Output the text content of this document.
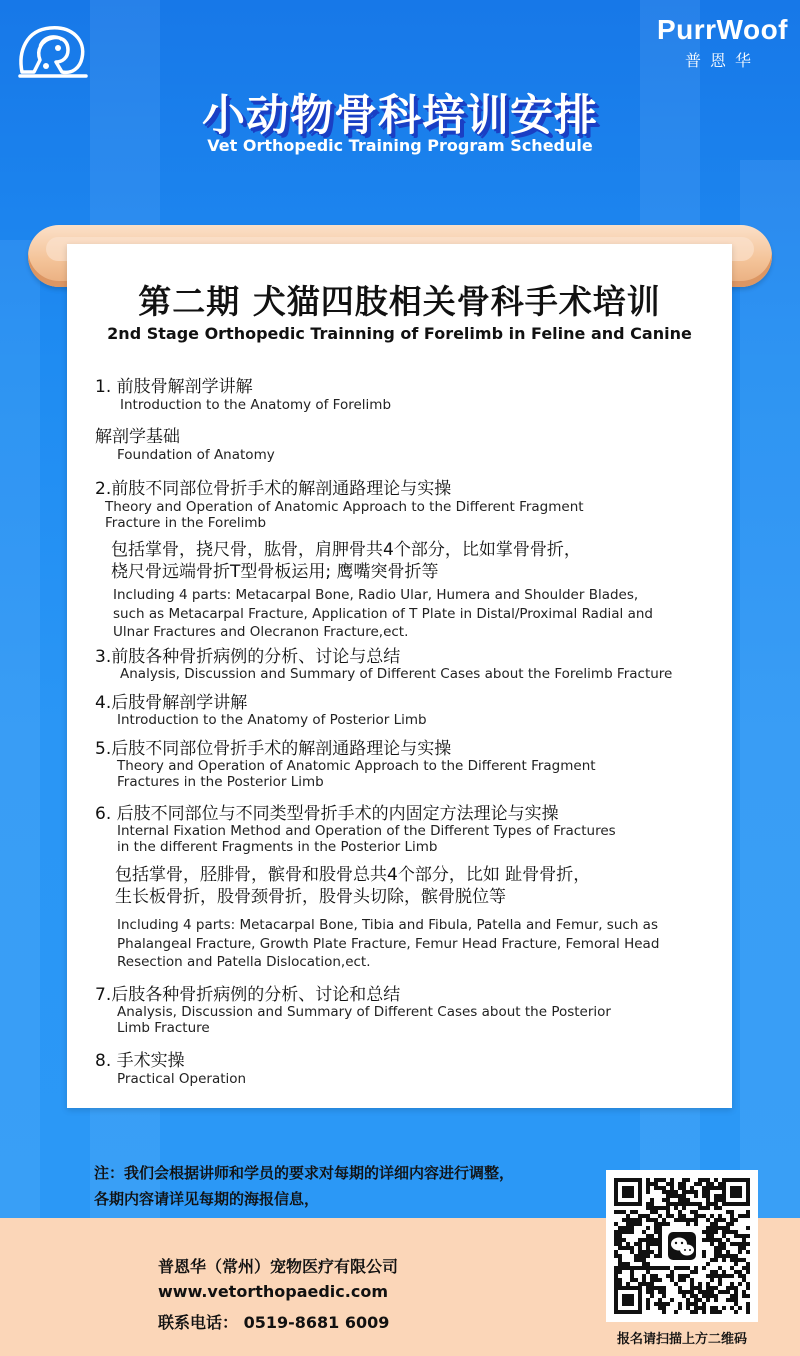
PurrWoof
普恩华
小动物骨科培训安排
Vet Orthopedic Training Program Schedule
第二期 犬猫四肢相关骨科手术培训
2nd Stage Orthopedic Trainning of Forelimb in Feline and Canine
1. 前肢骨解剖学讲解
Introduction to the Anatomy of Forelimb
解剖学基础
Foundation of Anatomy
2.前肢不同部位骨折手术的解剖通路理论与实操
Theory and Operation of Anatomic Approach to the Different Fragment
Fracture in the Forelimb
包括掌骨，挠尺骨，肱骨，肩胛骨共4个部分，比如掌骨骨折，
桡尺骨远端骨折T型骨板运用; 鹰嘴突骨折等
Including 4 parts: Metacarpal Bone, Radio Ular, Humera and Shoulder Blades,
such as Metacarpal Fracture, Application of T Plate in Distal/Proximal Radial and
Ulnar Fractures and Olecranon Fracture,ect.
3.前肢各种骨折病例的分析、讨论与总结
Analysis, Discussion and Summary of Different Cases about the Forelimb Fracture
4.后肢骨解剖学讲解
Introduction to the Anatomy of Posterior Limb
5.后肢不同部位骨折手术的解剖通路理论与实操
Theory and Operation of Anatomic Approach to the Different Fragment
Fractures in the Posterior Limb
6. 后肢不同部位与不同类型骨折手术的内固定方法理论与实操
Internal Fixation Method and Operation of the Different Types of Fractures
in the different Fragments in the Posterior Limb
包括掌骨，胫腓骨，髌骨和股骨总共4个部分，比如 趾骨骨折，
生长板骨折，股骨颈骨折，股骨头切除，髌骨脱位等
Including 4 parts: Metacarpal Bone, Tibia and Fibula, Patella and Femur, such as
Phalangeal Fracture, Growth Plate Fracture, Femur Head Fracture, Femoral Head
Resection and Patella Dislocation,ect.
7.后肢各种骨折病例的分析、讨论和总结
Analysis, Discussion and Summary of Different Cases about the Posterior
Limb Fracture
8. 手术实操
Practical Operation
注：我们会根据讲师和学员的要求对每期的详细内容进行调整，
各期内容请详见每期的海报信息，
普恩华（常州）宠物医疗有限公司
www.vetorthopaedic.com
联系电话： 0519-8681 6009
报名请扫描上方二维码
